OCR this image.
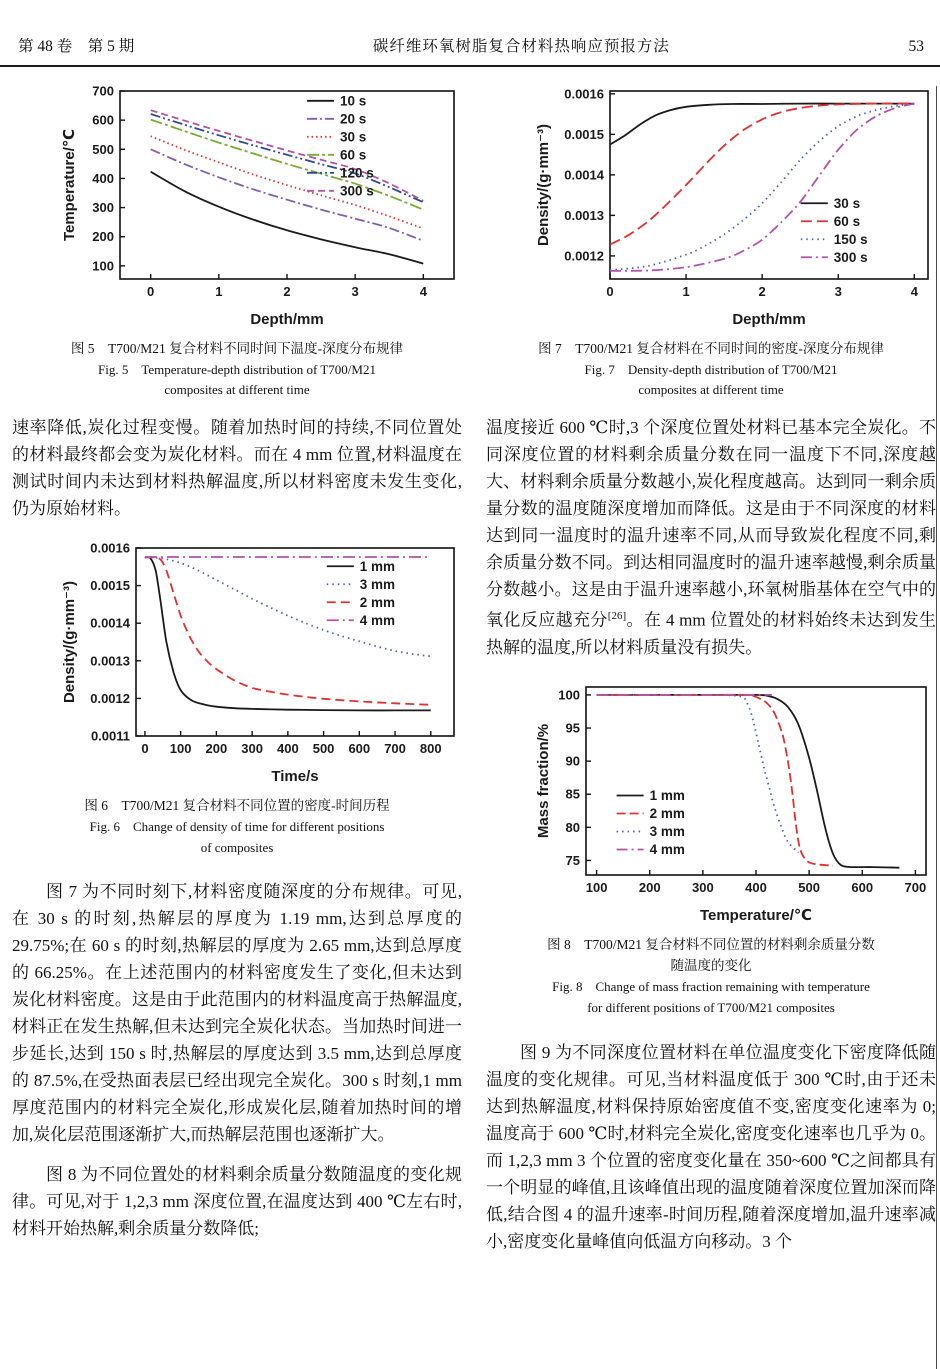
第 48 卷　第 5 期	碳纤维环氧树脂复合材料热响应预报方法	53
0	1	2	3	4
100
200
300
400
500
600
700
Depth/mm
Temperature/℃
10 s
20 s
30 s
60 s
120 s
300 s
图 5　T700/M21 复合材料不同时间下温度-深度分布规律
Fig. 5　Temperature-depth distribution of T700/M21
composites at different time

速率降低,炭化过程变慢。随着加热时间的持续,不同位置处的材料最终都会变为炭化材料。而在 4 mm 位置,材料温度在测试时间内未达到材料热解温度,所以材料密度未发生变化,仍为原始材料。

0 100 200 300 400 500 600 700 800
0.0011
0.0012
0.0013
0.0014
0.0015
0.0016
Time/s
Density/(g·mm⁻³)
1 mm
3 mm
2 mm
4 mm
图 6　T700/M21 复合材料不同位置的密度-时间历程
Fig. 6　Change of density of time for different positions
of composites

图 7 为不同时刻下,材料密度随深度的分布规律。可见,在 30 s 的时刻,热解层的厚度为 1.19 mm,达到总厚度的 29.75%;在 60 s 的时刻,热解层的厚度为 2.65 mm,达到总厚度的 66.25%。在上述范围内的材料密度发生了变化,但未达到炭化材料密度。这是由于此范围内的材料温度高于热解温度,材料正在发生热解,但未达到完全炭化状态。当加热时间进一步延长,达到 150 s 时,热解层的厚度达到 3.5 mm,达到总厚度的 87.5%,在受热面表层已经出现完全炭化。300 s 时刻,1 mm 厚度范围内的材料完全炭化,形成炭化层,随着加热时间的增加,炭化层范围逐渐扩大,而热解层范围也逐渐扩大。

图 8 为不同位置处的材料剩余质量分数随温度的变化规律。可见,对于 1,2,3 mm 深度位置,在温度达到 400 ℃左右时,材料开始热解,剩余质量分数降低;

0	1	2	3	4
0.0012
0.0013
0.0014
0.0015
0.0016
Depth/mm
Density/(g·mm⁻³)	30 s
60 s
150 s
300 s
图 7　T700/M21 复合材料在不同时间的密度-深度分布规律
Fig. 7　Density-depth distribution of T700/M21
composites at different time

温度接近 600 ℃时,3 个深度位置处材料已基本完全炭化。不同深度位置的材料剩余质量分数在同一温度下不同,深度越大、材料剩余质量分数越小,炭化程度越高。达到同一剩余质量分数的温度随深度增加而降低。这是由于不同深度的材料达到同一温度时的温升速率不同,从而导致炭化程度不同,剩余质量分数不同。到达相同温度时的温升速率越慢,剩余质量分数越小。这是由于温升速率越小,环氧树脂基体在空气中的氧化反应越充分[26]。在 4 mm 位置处的材料始终未达到发生热解的温度,所以材料质量没有损失。

100 200 300 400 500 600 700
75
80
85
90
95
100
Temperature/℃
Mass fraction/%	1 mm
2 mm
3 mm
4 mm
图 8　T700/M21 复合材料不同位置的材料剩余质量分数
随温度的变化
Fig. 8　Change of mass fraction remaining with temperature
for different positions of T700/M21 composites

图 9 为不同深度位置材料在单位温度变化下密度降低随温度的变化规律。可见,当材料温度低于 300 ℃时,由于还未达到热解温度,材料保持原始密度值不变,密度变化速率为 0;温度高于 600 ℃时,材料完全炭化,密度变化速率也几乎为 0。而 1,2,3 mm 3 个位置的密度变化量在 350~600 ℃之间都具有一个明显的峰值,且该峰值出现的温度随着深度位置加深而降低,结合图 4 的温升速率-时间历程,随着深度增加,温升速率减小,密度变化量峰值向低温方向移动。3 个
